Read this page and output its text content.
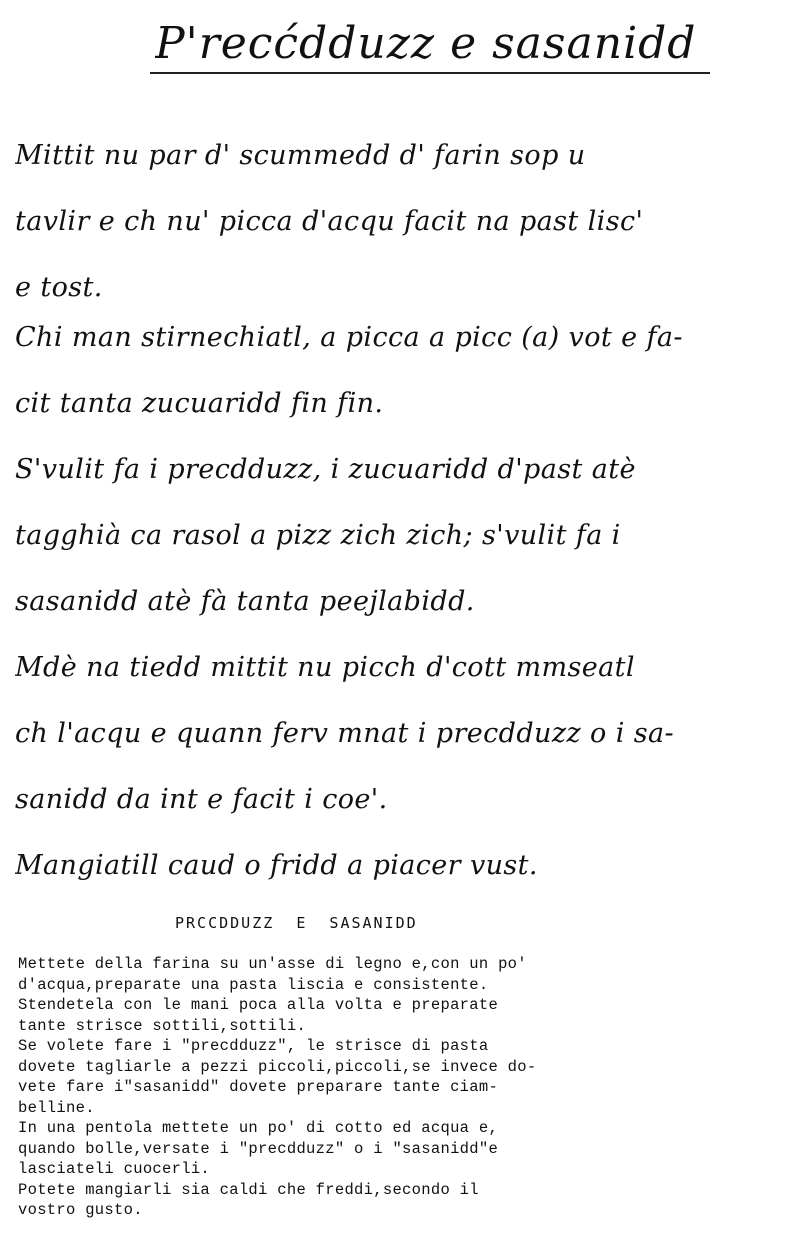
P'recćdduzz e sasanidd
Mittit nu par d' scummedd d' farin sop u
tavlir e ch nu' picca d'acqu facit na past lisc'
e tost.
Chi man stirnechiatl, a picca a picc (a) vot e fa-
cit tanta zucuaridd fin fin.
S'vulit fa i precdduzz, i zucuaridd d'past atè
tagghià ca rasol a pizz zich zich; s'vulit fa i
sasanidd atè fà tanta peejlabidd.
Mdè na tiedd mittit nu picch d'cott mmseatl
ch l'acqu e quann ferv mnat i precdduzz o i sa-
sanidd da int e facit i coe'.
Mangiatill caud o fridd a piacer vust.
PRCCDDUZZ  E  SASANIDD
Mettete della farina su un'asse di legno e,con un po'
d'acqua,preparate una pasta liscia e consistente.
Stendetela con le mani poca alla volta e preparate
tante strisce sottili,sottili.
Se volete fare i "precdduzz", le strisce di pasta
dovete tagliarle a pezzi piccoli,piccoli,se invece do-
vete fare i"sasanidd" dovete preparare tante ciam-
belline.
In una pentola mettete un po' di cotto ed acqua e,
quando bolle,versate i "precdduzz" o i "sasanidd"e
lasciateli cuocerli.
Potete mangiarli sia caldi che freddi,secondo il
vostro gusto.
